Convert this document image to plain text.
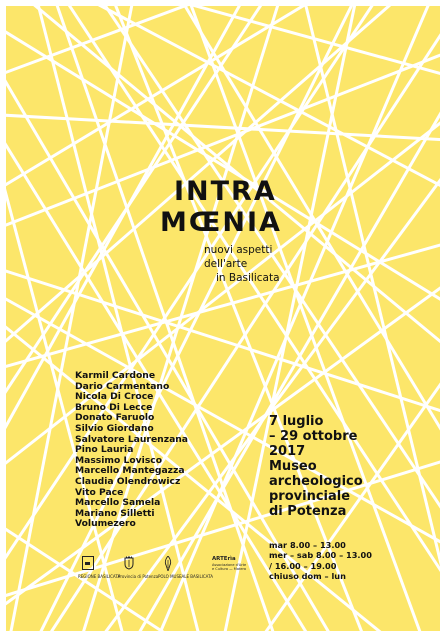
INTRA
MŒNIA
nuovi aspetti dell'arte
in Basilicata
Karmil Cardone
Dario Carmentano
Nicola Di Croce
Bruno Di Lecce
Donato Faruolo
Silvio Giordano
Salvatore Laurenzana
Pino Lauria
Massimo Lovisco
Marcello Mantegazza
Claudia Olendrowicz
Vito Pace
Marcello Samela
Mariano Silletti
Volumezero
7 luglio
– 29 ottobre
2017
Museo
archeologico
provinciale
di Potenza
mar 8.00 – 13.00
mer – sab 8.00 – 13.00
/ 16.00 – 19.00
chiuso dom – lun
REGIONE BASILICATA
Provincia di Potenza POLO MUSEALE BASILICATA
ARTErìa
Associazione d'Arte
e Cultura — Matera
